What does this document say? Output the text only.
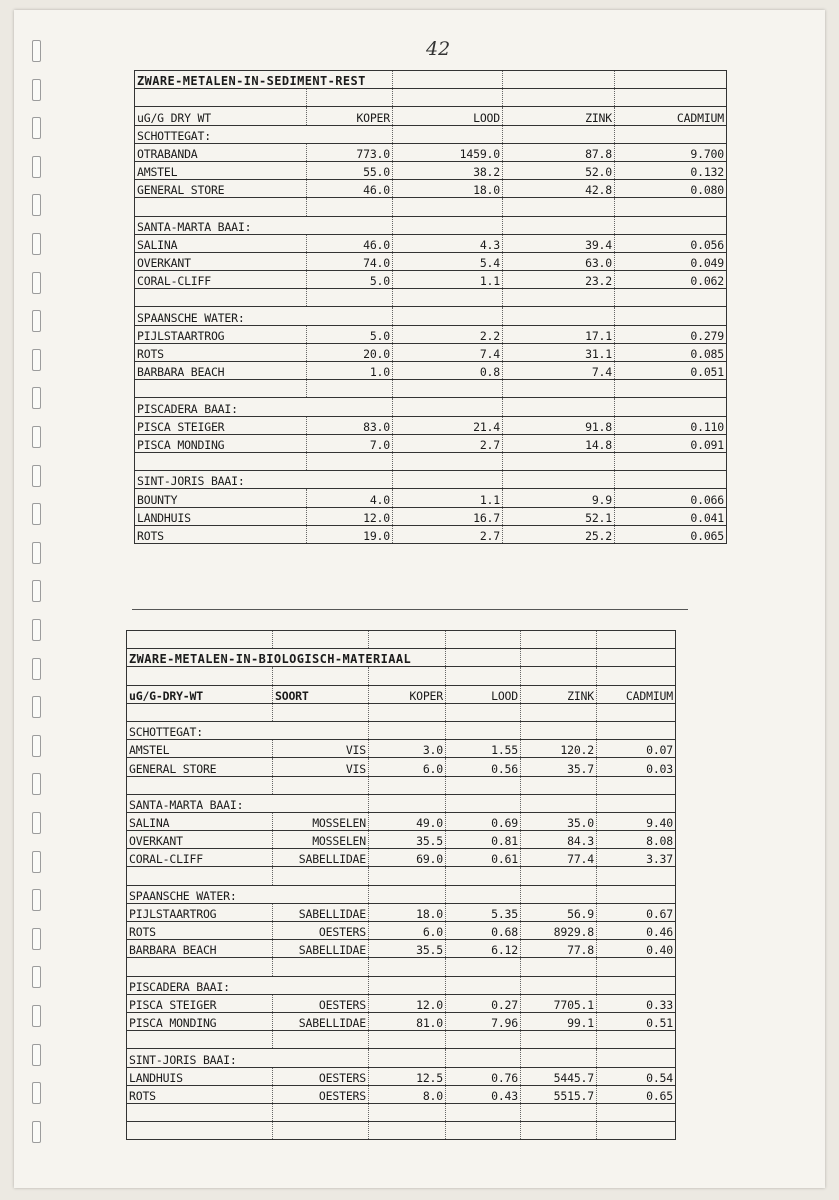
42
ZWARE-METALEN-IN-SEDIMENT-REST				

uG/G DRY WT	KOPER	LOOD	ZINK	CADMIUM
SCHOTTEGAT:				
OTRABANDA	773.0	1459.0	87.8	9.700
AMSTEL	55.0	38.2	52.0	0.132
GENERAL STORE	46.0	18.0	42.8	0.080

SANTA-MARTA BAAI:				
SALINA	46.0	4.3	39.4	0.056
OVERKANT	74.0	5.4	63.0	0.049
CORAL-CLIFF	5.0	1.1	23.2	0.062

SPAANSCHE WATER:				
PIJLSTAARTROG	5.0	2.2	17.1	0.279
ROTS	20.0	7.4	31.1	0.085
BARBARA BEACH	1.0	0.8	7.4	0.051

PISCADERA BAAI:				
PISCA STEIGER	83.0	21.4	91.8	0.110
PISCA MONDING	7.0	2.7	14.8	0.091

SINT-JORIS BAAI:				
BOUNTY	4.0	1.1	9.9	0.066
LANDHUIS	12.0	16.7	52.1	0.041
ROTS	19.0	2.7	25.2	0.065

ZWARE-METALEN-IN-BIOLOGISCH-MATERIAAL					

uG/G-DRY-WT	SOORT	KOPER	LOOD	ZINK	CADMIUM

SCHOTTEGAT:					
AMSTEL	VIS	3.0	1.55	120.2	0.07
GENERAL STORE	VIS	6.0	0.56	35.7	0.03

SANTA-MARTA BAAI:					
SALINA	MOSSELEN	49.0	0.69	35.0	9.40
OVERKANT	MOSSELEN	35.5	0.81	84.3	8.08
CORAL-CLIFF	SABELLIDAE	69.0	0.61	77.4	3.37

SPAANSCHE WATER:					
PIJLSTAARTROG	SABELLIDAE	18.0	5.35	56.9	0.67
ROTS	OESTERS	6.0	0.68	8929.8	0.46
BARBARA BEACH	SABELLIDAE	35.5	6.12	77.8	0.40

PISCADERA BAAI:					
PISCA STEIGER	OESTERS	12.0	0.27	7705.1	0.33
PISCA MONDING	SABELLIDAE	81.0	7.96	99.1	0.51

SINT-JORIS BAAI:					
LANDHUIS	OESTERS	12.5	0.76	5445.7	0.54
ROTS	OESTERS	8.0	0.43	5515.7	0.65
